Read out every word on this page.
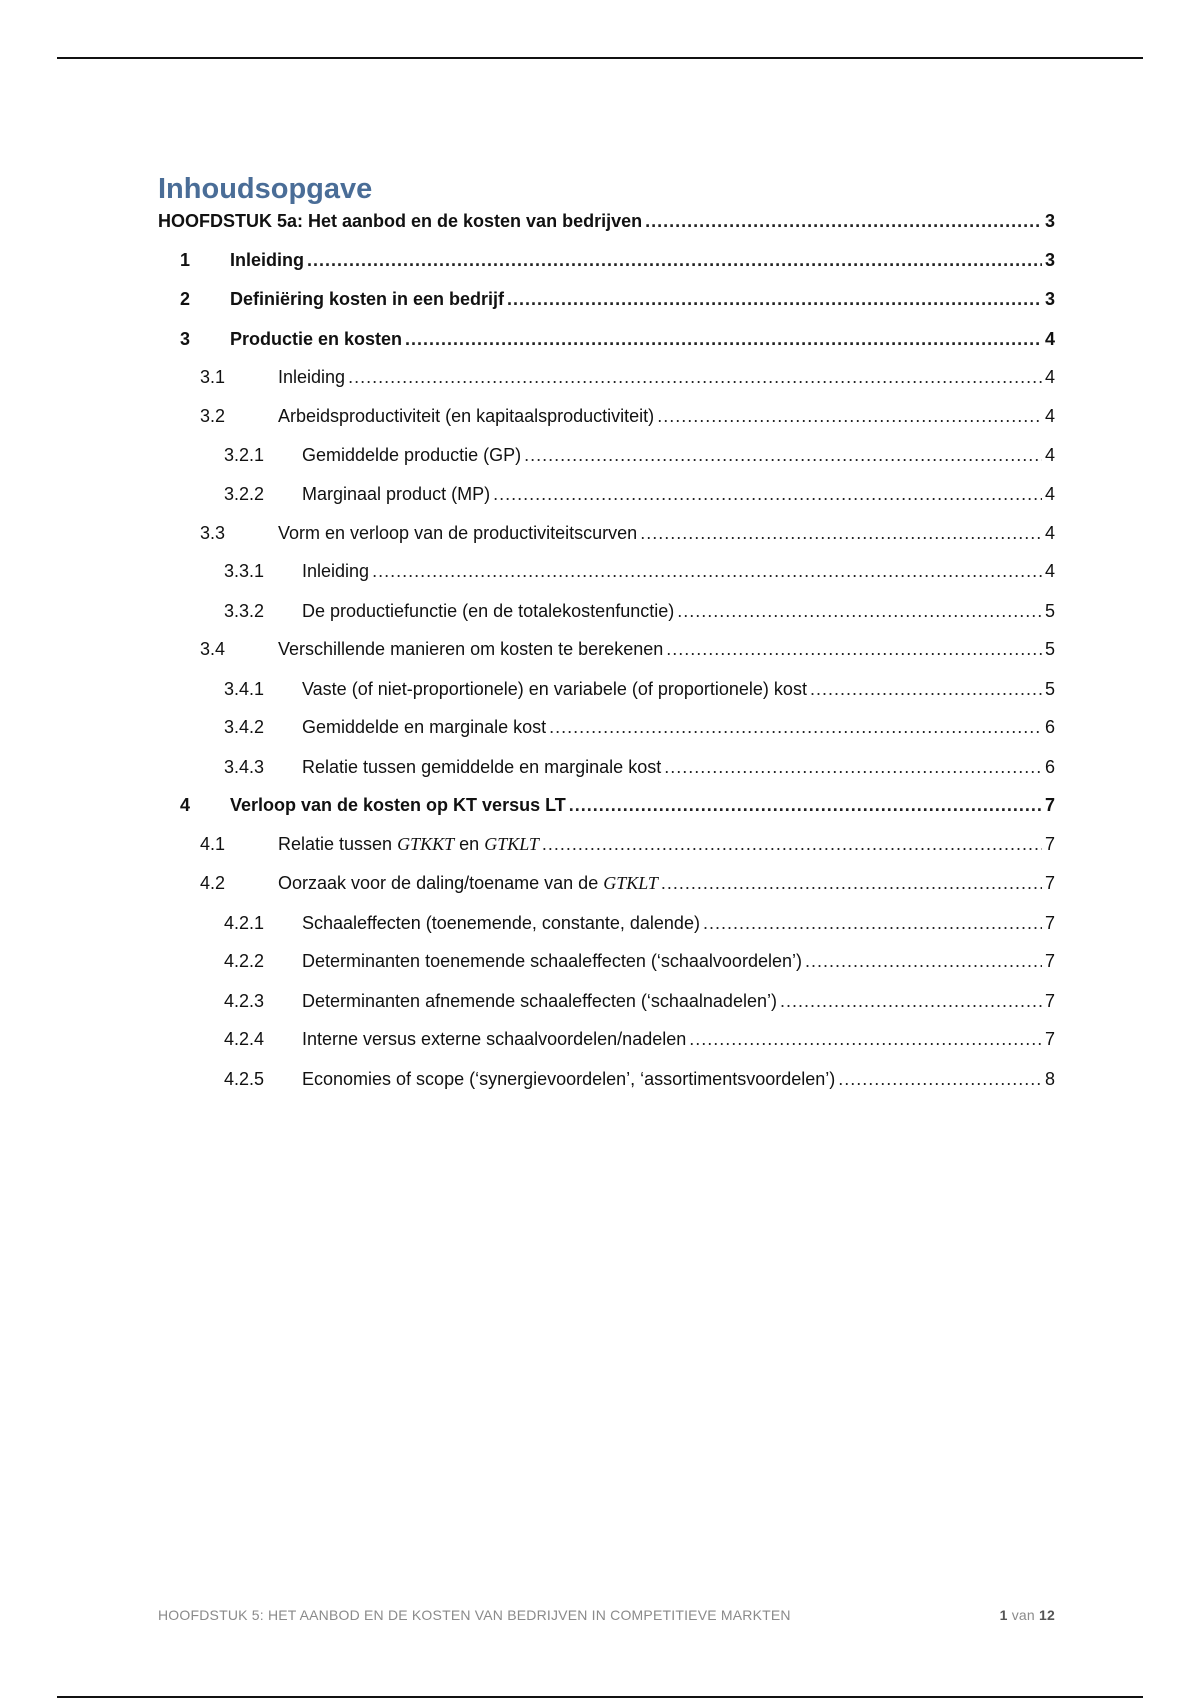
Inhoudsopgave
HOOFDSTUK 5a: Het aanbod en de kosten van bedrijven .....	3
1	Inleiding .....	3
2	Definiëring kosten in een bedrijf .....	3
3	Productie en kosten .....	4
3.1	Inleiding .....	4
3.2	Arbeidsproductiviteit (en kapitaalsproductiviteit) .....	4
3.2.1	Gemiddelde productie (GP) .....	4
3.2.2	Marginaal product (MP) .....	4
3.3	Vorm en verloop van de productiviteitscurven .....	4
3.3.1	Inleiding .....	4
3.3.2	De productiefunctie (en de totalekostenfunctie) .....	5
3.4	Verschillende manieren om kosten te berekenen .....	5
3.4.1	Vaste (of niet-proportionele) en variabele (of proportionele) kost .....	5
3.4.2	Gemiddelde en marginale kost .....	6
3.4.3	Relatie tussen gemiddelde en marginale kost .....	6
4	Verloop van de kosten op KT versus LT .....	7
4.1	Relatie tussen GTKKT en GTKLT .....	7
4.2	Oorzaak voor de daling/toename van de GTKLT .....	7
4.2.1	Schaaleffecten (toenemende, constante, dalende) .....	7
4.2.2	Determinanten toenemende schaaleffecten (‘schaalvoordelen’) .....	7
4.2.3	Determinanten afnemende schaaleffecten (‘schaalnadelen’) .....	7
4.2.4	Interne versus externe schaalvoordelen/nadelen .....	7
4.2.5	Economies of scope (‘synergievoordelen’, ‘assortimentsvoordelen’) .....	8
HOOFDSTUK 5: HET AANBOD EN DE KOSTEN VAN BEDRIJVEN IN COMPETITIEVE MARKTEN	1 van 12
